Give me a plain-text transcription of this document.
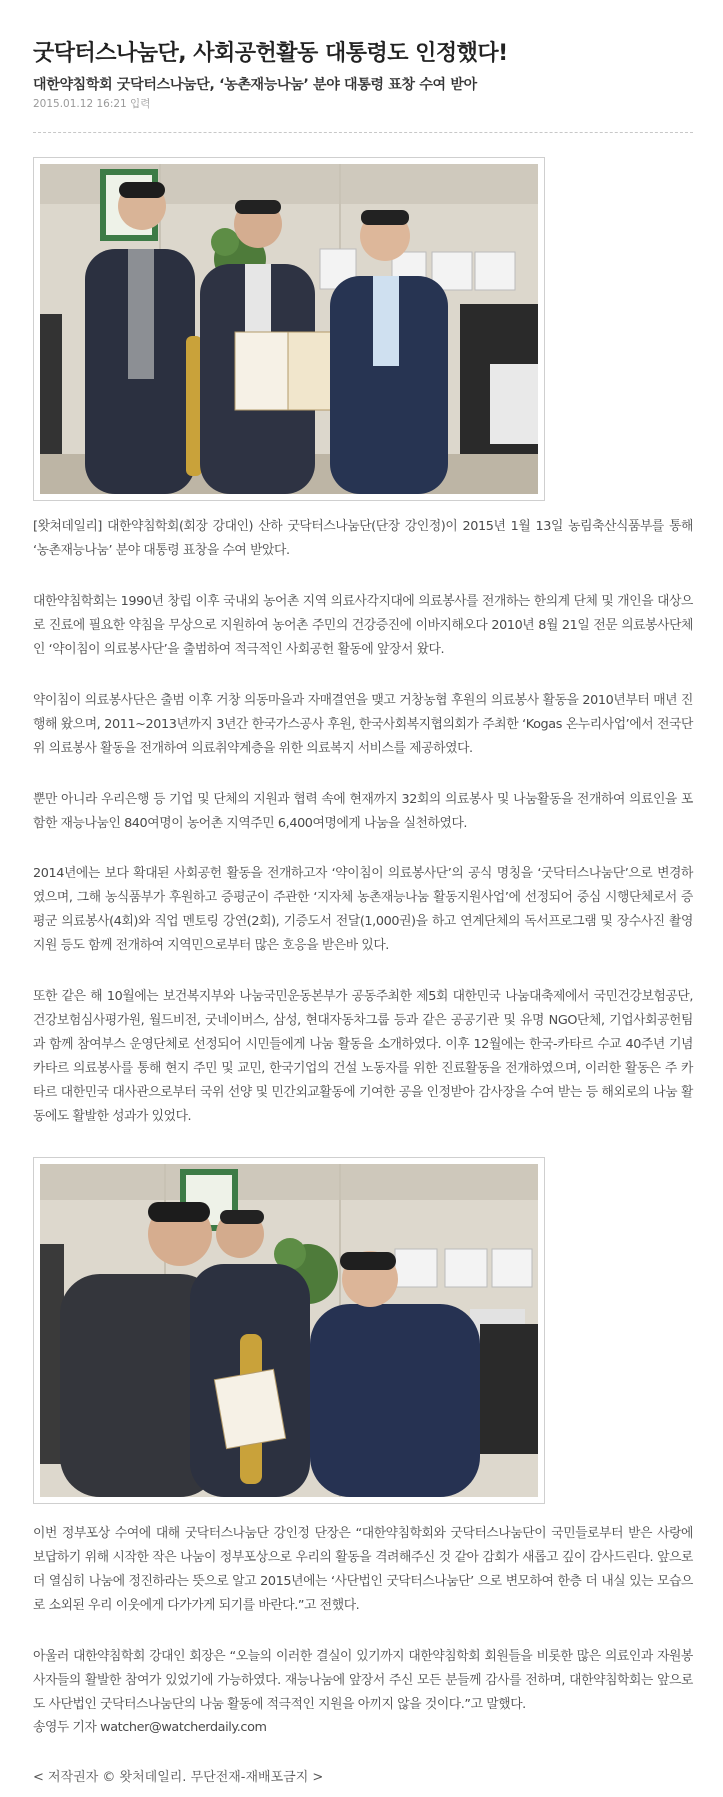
굿닥터스나눔단, 사회공헌활동 대통령도 인정했다!
대한약침학회 굿닥터스나눔단, ‘농촌재능나눔’ 분야 대통령 표창 수여 받아
2015.01.12 16:21 입력

[왓쳐데일리] 대한약침학회(회장 강대인) 산하 굿닥터스나눔단(단장 강인정)이 2015년 1월 13일 농림축산식품부를 통해 ‘농촌재능나눔’ 분야 대통령 표창을 수여 받았다.

대한약침학회는 1990년 창립 이후 국내외 농어촌 지역 의료사각지대에 의료봉사를 전개하는 한의계 단체 및 개인을 대상으로 진료에 필요한 약침을 무상으로 지원하여 농어촌 주민의 건강증진에 이바지해오다 2010년 8월 21일 전문 의료봉사단체인 ‘약이침이 의료봉사단’을 출범하여 적극적인 사회공헌 활동에 앞장서 왔다.

약이침이 의료봉사단은 출범 이후 거창 의동마을과 자매결연을 맺고 거창농협 후원의 의료봉사 활동을 2010년부터 매년 진행해 왔으며, 2011~2013년까지 3년간 한국가스공사 후원, 한국사회복지협의회가 주최한 ‘Kogas 온누리사업’에서 전국단위 의료봉사 활동을 전개하여 의료취약계층을 위한 의료복지 서비스를 제공하였다.

뿐만 아니라 우리은행 등 기업 및 단체의 지원과 협력 속에 현재까지 32회의 의료봉사 및 나눔활동을 전개하여 의료인을 포함한 재능나눔인 840여명이 농어촌 지역주민 6,400여명에게 나눔을 실천하였다.

2014년에는 보다 확대된 사회공헌 활동을 전개하고자 ‘약이침이 의료봉사단’의 공식 명칭을 ‘굿닥터스나눔단’으로 변경하였으며, 그해 농식품부가 후원하고 증평군이 주관한 ‘지자체 농촌재능나눔 활동지원사업’에 선정되어 중심 시행단체로서 증평군 의료봉사(4회)와 직업 멘토링 강연(2회), 기증도서 전달(1,000권)을 하고 연계단체의 독서프로그램 및 장수사진 촬영 지원 등도 함께 전개하여 지역민으로부터 많은 호응을 받은바 있다.

또한 같은 해 10월에는 보건복지부와 나눔국민운동본부가 공동주최한 제5회 대한민국 나눔대축제에서 국민건강보험공단, 건강보험심사평가원, 월드비전, 굿네이버스, 삼성, 현대자동차그룹 등과 같은 공공기관 및 유명 NGO단체, 기업사회공헌팀과 함께 참여부스 운영단체로 선정되어 시민들에게 나눔 활동을 소개하였다. 이후 12월에는 한국-카타르 수교 40주년 기념 카타르 의료봉사를 통해 현지 주민 및 교민, 한국기업의 건설 노동자를 위한 진료활동을 전개하였으며, 이러한 활동은 주 카타르 대한민국 대사관으로부터 국위 선양 및 민간외교활동에 기여한 공을 인정받아 감사장을 수여 받는 등 해외로의 나눔 활동에도 활발한 성과가 있었다.

이번 정부포상 수여에 대해 굿닥터스나눔단 강인정 단장은 “대한약침학회와 굿닥터스나눔단이 국민들로부터 받은 사랑에 보답하기 위해 시작한 작은 나눔이 정부포상으로 우리의 활동을 격려해주신 것 같아 감회가 새롭고 깊이 감사드린다. 앞으로 더 열심히 나눔에 정진하라는 뜻으로 알고 2015년에는 ‘사단법인 굿닥터스나눔단’ 으로 변모하여 한층 더 내실 있는 모습으로 소외된 우리 이웃에게 다가가게 되기를 바란다.”고 전했다.

아울러 대한약침학회 강대인 회장은 “오늘의 이러한 결실이 있기까지 대한약침학회 회원들을 비롯한 많은 의료인과 자원봉사자들의 활발한 참여가 있었기에 가능하였다. 재능나눔에 앞장서 주신 모든 분들께 감사를 전하며, 대한약침학회는 앞으로도 사단법인 굿닥터스나눔단의 나눔 활동에 적극적인 지원을 아끼지 않을 것이다.”고 말했다.

송영두 기자 watcher@watcherdaily.com
< 저작권자 © 왓처데일리. 무단전재-재배포금지 >
